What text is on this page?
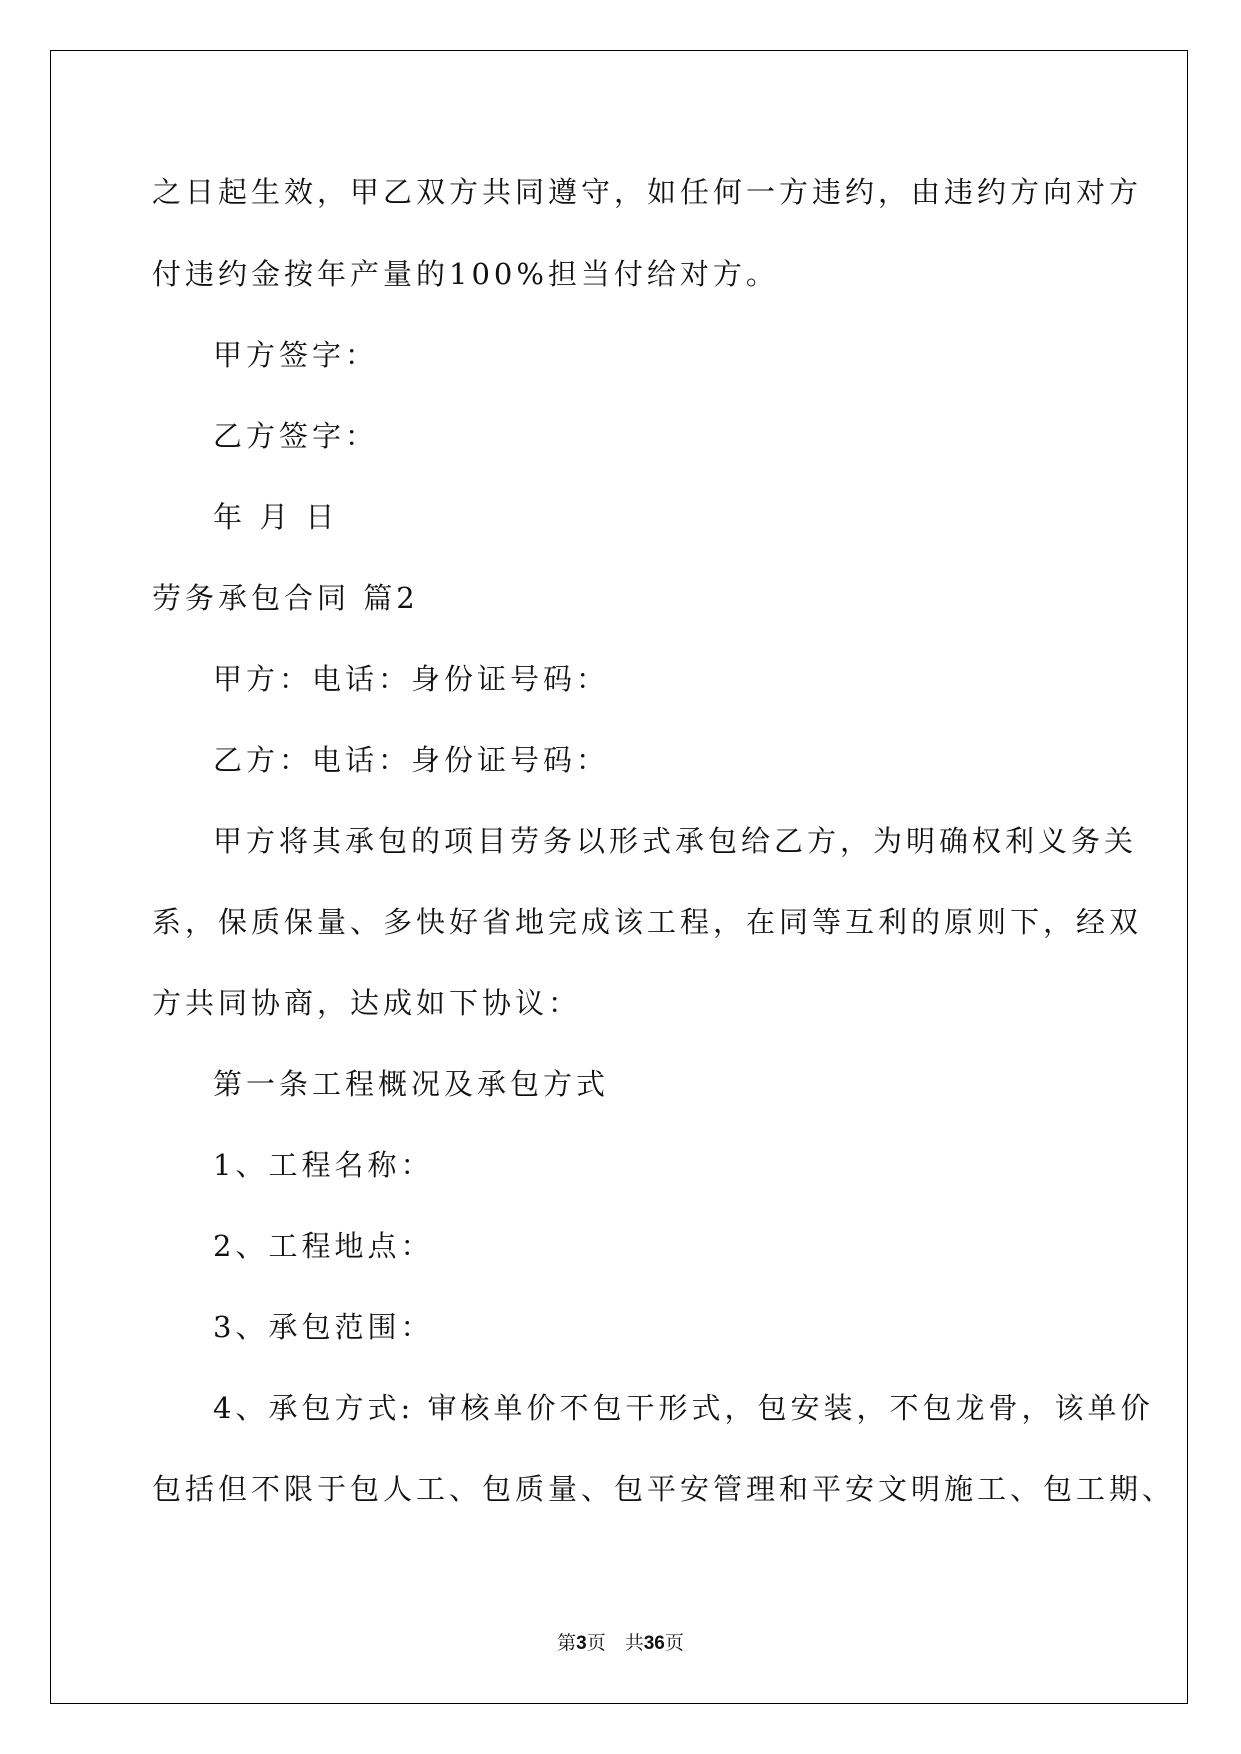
之日起生效，甲乙双方共同遵守，如任何一方违约，由违约方向对方

付违约金按年产量的100%担当付给对方。

甲方签字：

乙方签字：

年 月 日

劳务承包合同 篇2

甲方：电话：身份证号码：

乙方：电话：身份证号码：

甲方将其承包的项目劳务以形式承包给乙方，为明确权利义务关

系，保质保量、多快好省地完成该工程，在同等互利的原则下，经双

方共同协商，达成如下协议：

第一条工程概况及承包方式

1、工程名称：

2、工程地点：

3、承包范围：

4、承包方式: 审核单价不包干形式，包安装，不包龙骨，该单价

包括但不限于包人工、包质量、包平安管理和平安文明施工、包工期、

第3页　共36页
